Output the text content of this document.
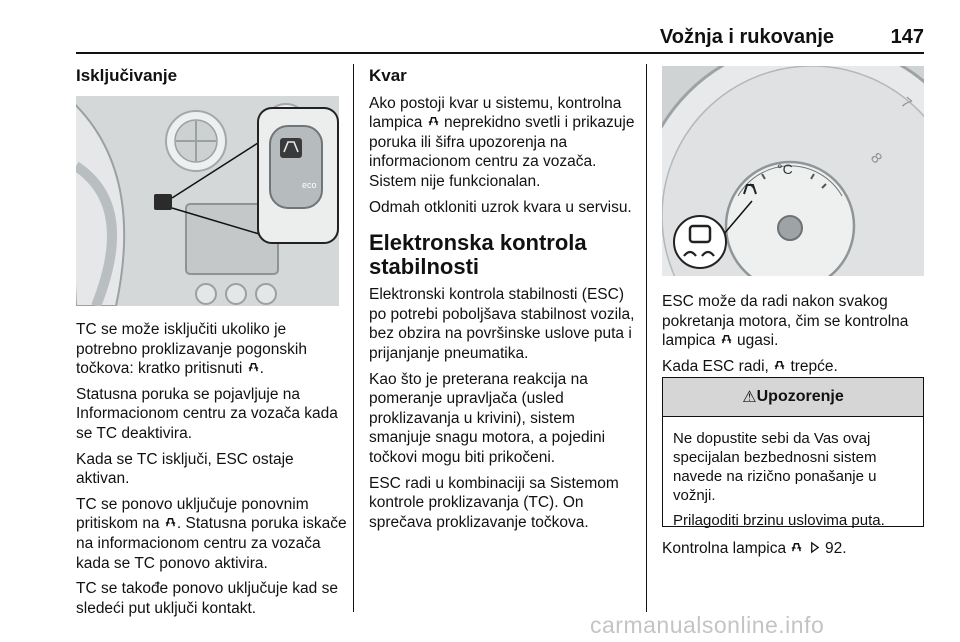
Vožnja i rukovanje	147
Isključivanje
eco

TC se može isključiti ukoliko je potrebno proklizavanje pogonskih točkova: kratko pritisnuti .

Statusna poruka se pojavljuje na Informacionom centru za vozača kada se TC deaktivira.

Kada se TC isključi, ESC ostaje aktivan.

TC se ponovo uključuje ponovnim pritiskom na . Statusna poruka iskače na informacionom centru za vozača kada se TC ponovo aktivira.

TC se takođe ponovo uključuje kad se sledeći put uključi kontakt.

Kvar

Ako postoji kvar u sistemu, kontrolna lampica neprekidno svetli i prikazuje poruka ili šifra upozorenja na informacionom centru za vozača. Sistem nije funkcionalan.

Odmah otkloniti uzrok kvara u servisu.

Elektronska kontrola stabilnosti

Elektronski kontrola stabilnosti (ESC) po potrebi poboljšava stabilnost vozila, bez obzira na površinske uslove puta i prijanjanje pneumatika.

Kao što je preterana reakcija na pomeranje upravljača (usled proklizavanja u krivini), sistem smanjuje snagu motora, a pojedini točkovi mogu biti prikočeni.

ESC radi u kombinaciji sa Sistemom kontrole proklizavanja (TC). On sprečava proklizavanje točkova.

7
8
°C

ESC može da radi nakon svakog pokretanja motora, čim se kontrolna lampica ugasi.

Kada ESC radi, trepće.

⚠ Upozorenje

Ne dopustite sebi da Vas ovaj specijalan bezbednosni sistem navede na rizično ponašanje u vožnji.

Prilagoditi brzinu uslovima puta.

Kontrolna lampica	92.

carmanualsonline.info
